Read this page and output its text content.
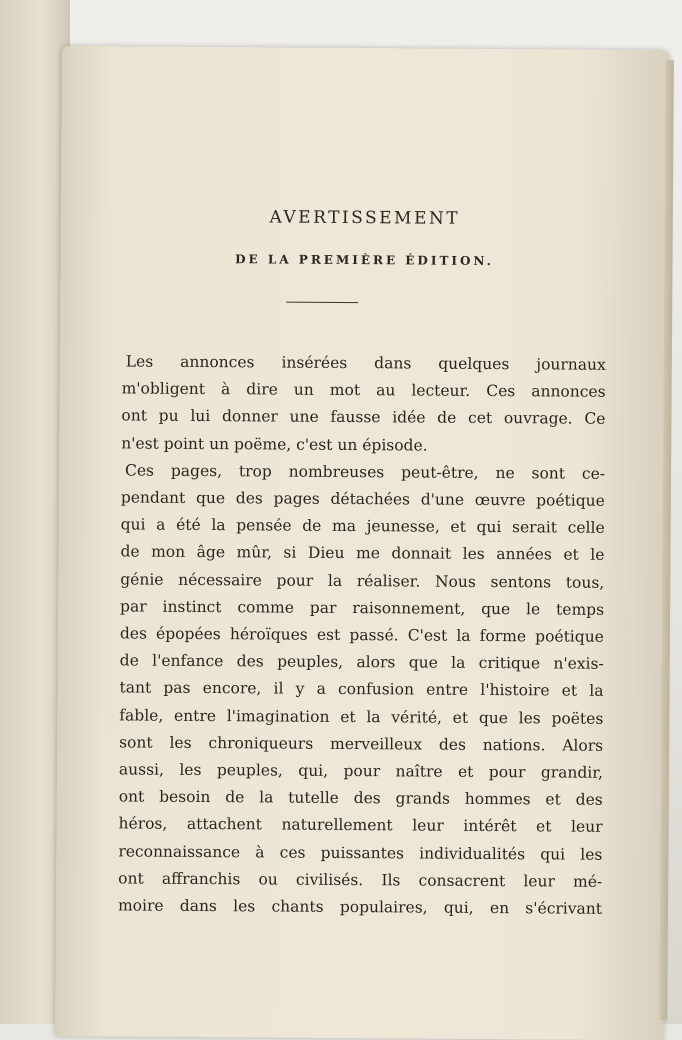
AVERTISSEMENT
DE LA PREMIÈRE ÉDITION.
Les annonces insérées dans quelques journaux
m'obligent à dire un mot au lecteur. Ces annonces
ont pu lui donner une fausse idée de cet ouvrage. Ce
n'est point un poëme, c'est un épisode.
Ces pages, trop nombreuses peut-être, ne sont ce-
pendant que des pages détachées d'une œuvre poétique
qui a été la pensée de ma jeunesse, et qui serait celle
de mon âge mûr, si Dieu me donnait les années et le
génie nécessaire pour la réaliser. Nous sentons tous,
par instinct comme par raisonnement, que le temps
des épopées héroïques est passé. C'est la forme poétique
de l'enfance des peuples, alors que la critique n'exis-
tant pas encore, il y a confusion entre l'histoire et la
fable, entre l'imagination et la vérité, et que les poëtes
sont les chroniqueurs merveilleux des nations. Alors
aussi, les peuples, qui, pour naître et pour grandir,
ont besoin de la tutelle des grands hommes et des
héros, attachent naturellement leur intérêt et leur
reconnaissance à ces puissantes individualités qui les
ont affranchis ou civilisés. Ils consacrent leur mé-
moire dans les chants populaires, qui, en s'écrivant
